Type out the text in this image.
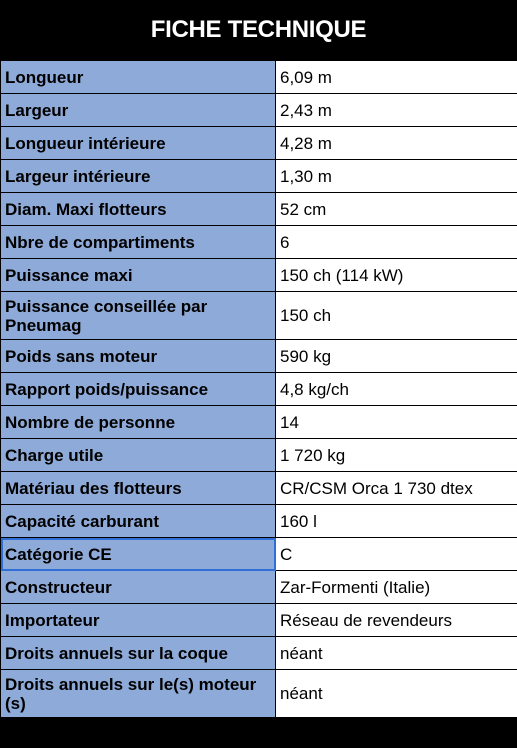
FICHE TECHNIQUE
Longueur	6,09 m
Largeur	2,43 m
Longueur intérieure	4,28 m
Largeur intérieure	1,30 m
Diam. Maxi flotteurs	52 cm
Nbre de compartiments	6
Puissance maxi	150 ch (114 kW)
Puissance conseillée par Pneumag	150 ch
Poids sans moteur	590 kg
Rapport poids/puissance	4,8 kg/ch
Nombre de personne	14
Charge utile	1 720 kg
Matériau des flotteurs	CR/CSM Orca 1 730 dtex
Capacité carburant	160 l
Catégorie CE	C
Constructeur	Zar-Formenti (Italie)
Importateur	Réseau de revendeurs
Droits annuels sur la coque	néant
Droits annuels sur le(s) moteur (s)	néant
